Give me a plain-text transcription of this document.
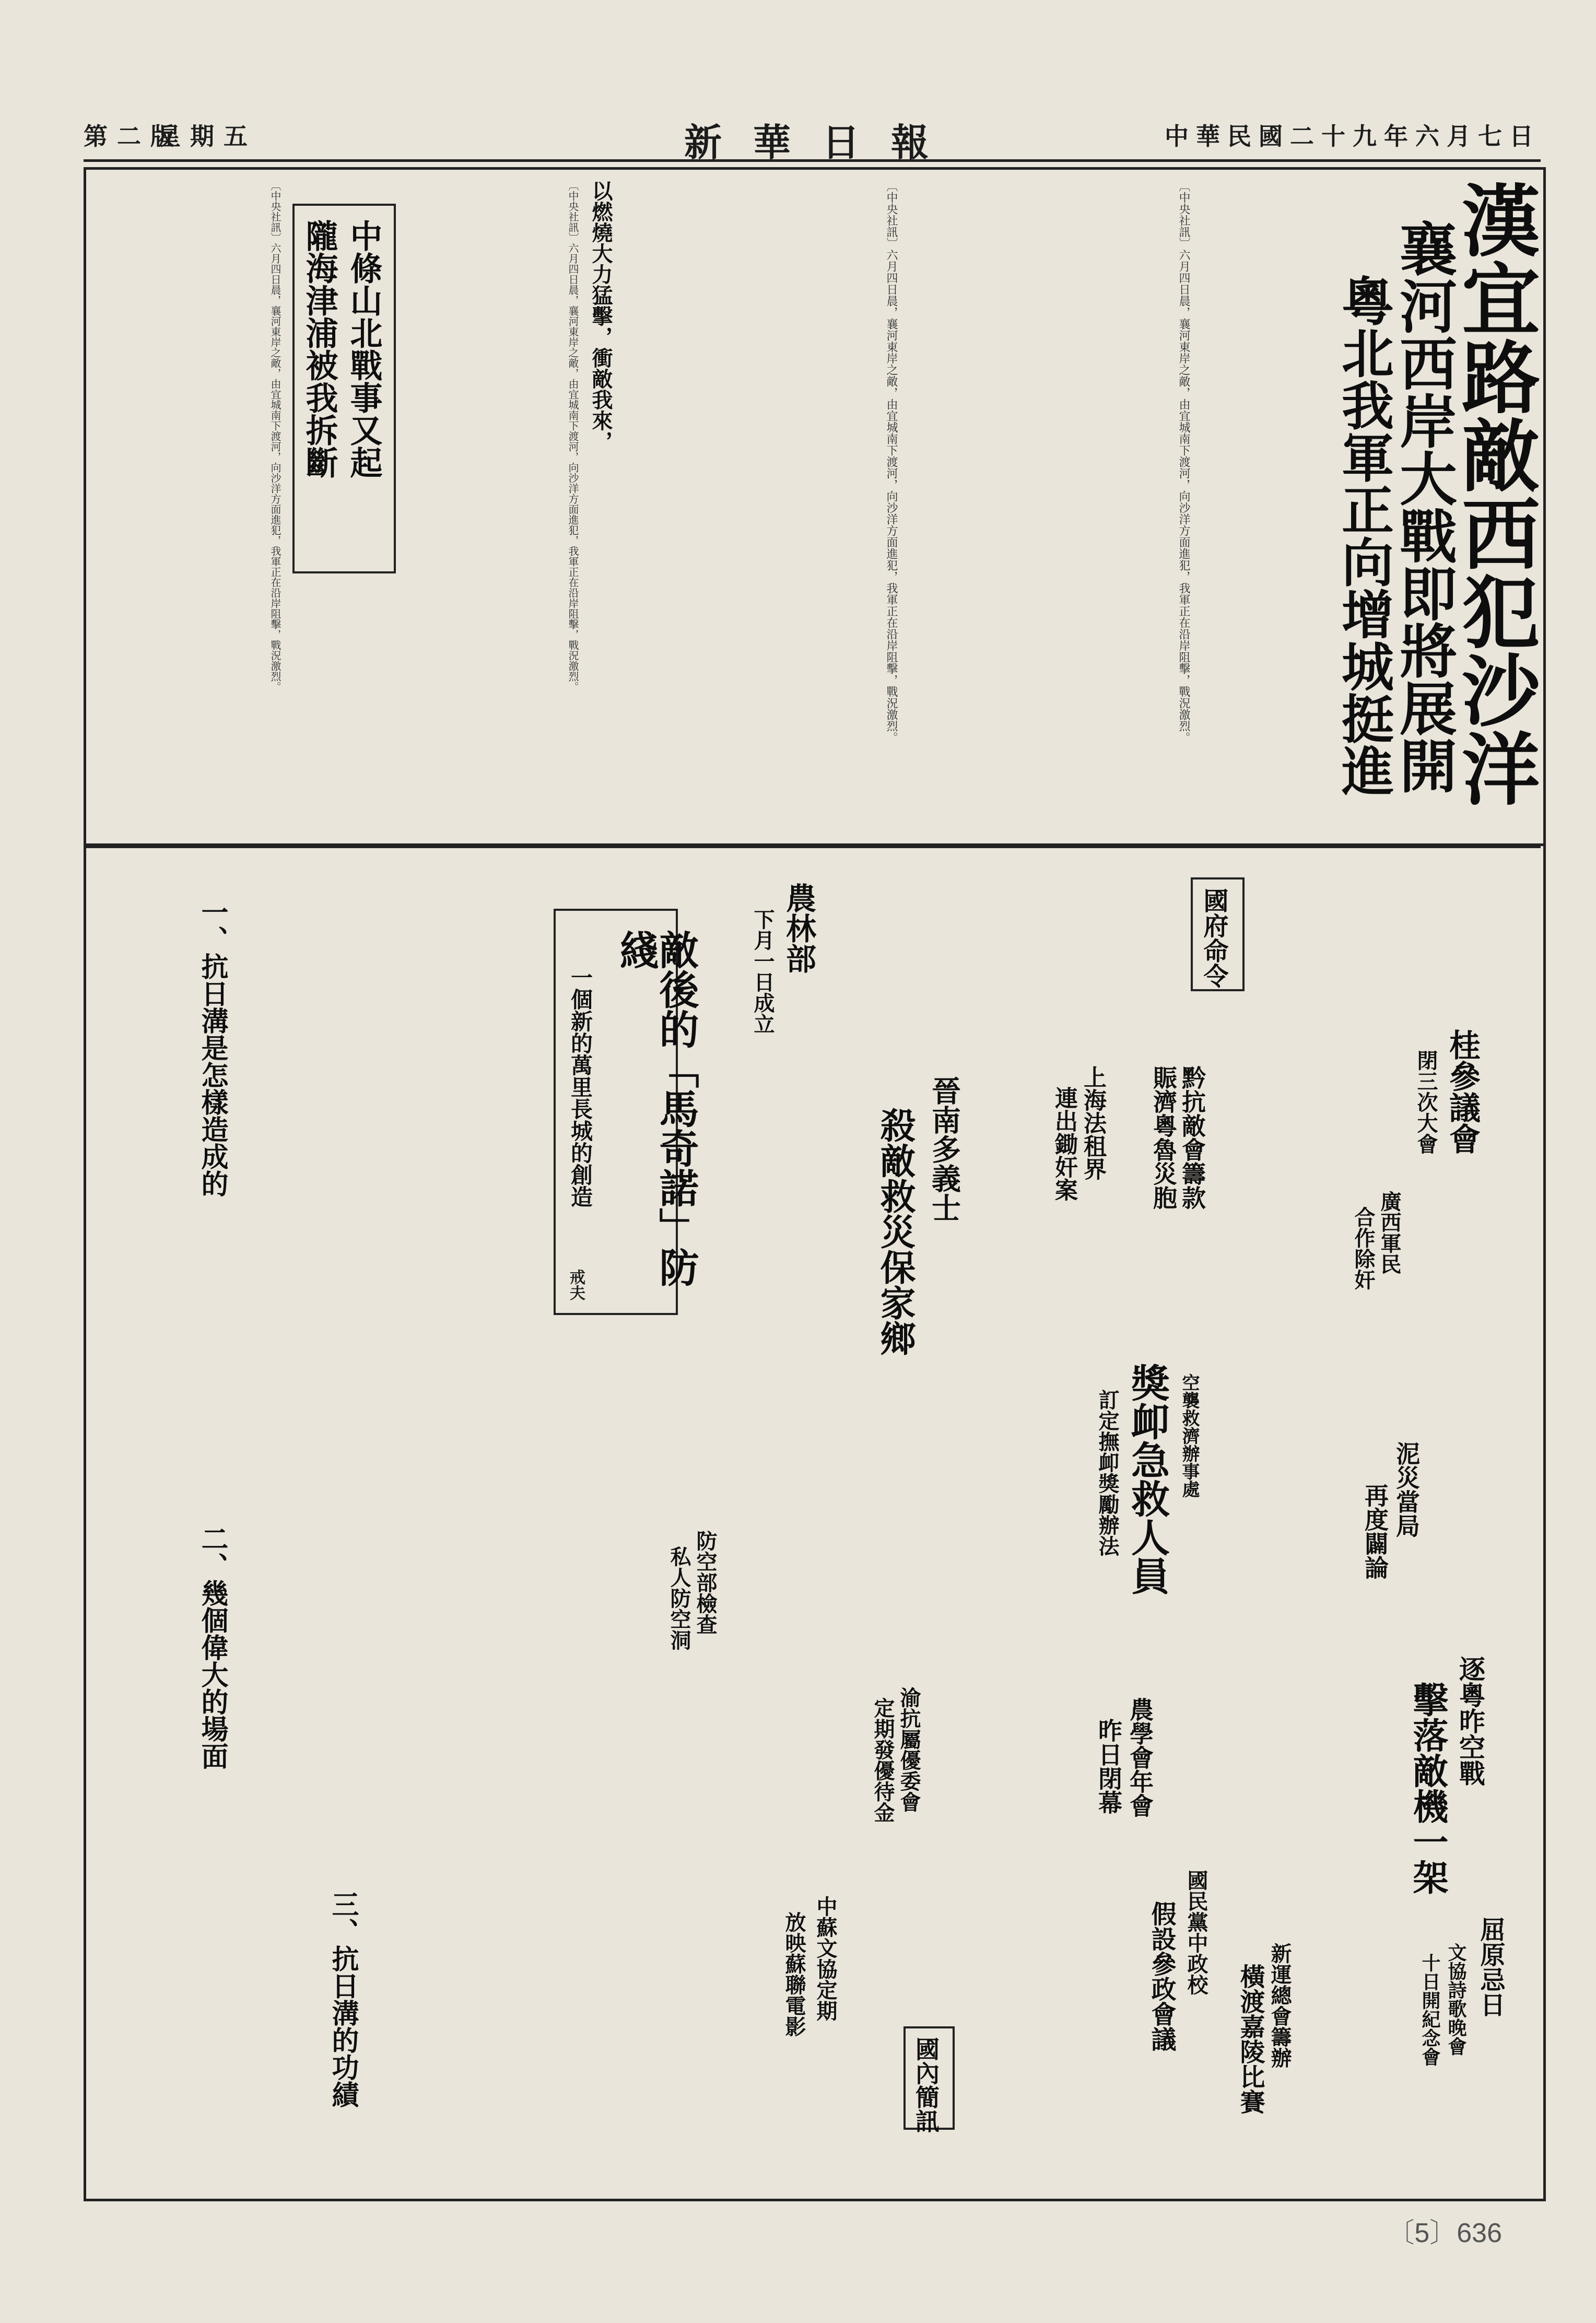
中華民國二十九年六月七日
新華日報
星期五
第二版
漢宜路敵西犯沙洋
襄河西岸大戰即將展開
粵北我軍正向增城挺進
〔中央社訊〕六月四日晨，襄河東岸之敵，由宜城南下渡河，向沙洋方面進犯，我軍正在沿岸阻擊，戰況激烈。
〔中央社訊〕六月四日晨，襄河東岸之敵，由宜城南下渡河，向沙洋方面進犯，我軍正在沿岸阻擊，戰況激烈。
以燃燒大力猛擊，衝敵我來，
〔中央社訊〕六月四日晨，襄河東岸之敵，由宜城南下渡河，向沙洋方面進犯，我軍正在沿岸阻擊，戰況激烈。
中條山北戰事又起
隴海津浦被我拆斷
〔中央社訊〕六月四日晨，襄河東岸之敵，由宜城南下渡河，向沙洋方面進犯，我軍正在沿岸阻擊，戰況激烈。
國府命令
桂參議會
閉三次大會
廣西軍民
合作除奸
黔抗敵會籌款
賑濟粵魯災胞
上海法租界
連出鋤奸案
晉南多義士
殺敵救災保家鄉
農林部
下月一日成立
敵後的「馬奇諾」防綫
一個新的萬里長城的創造
戒夫
一、抗日溝是怎樣造成的
二、幾個偉大的場面
三、抗日溝的功績
逐粵昨空戰
擊落敵機一架
泥災當局
再度闢論
空襲救濟辦事處
獎卹急救人員
訂定撫卹獎勵辦法
農學會年會
昨日閉幕
渝抗屬優委會
定期發優待金
防空部檢查
私人防空洞
國民黨中政校
假設參政會議	新運總會籌辦
橫渡嘉陵比賽
國內簡訊
中蘇文協定期
放映蘇聯電影	屈原忌日
文協詩歌晚會
十日開紀念會
〔5〕636
